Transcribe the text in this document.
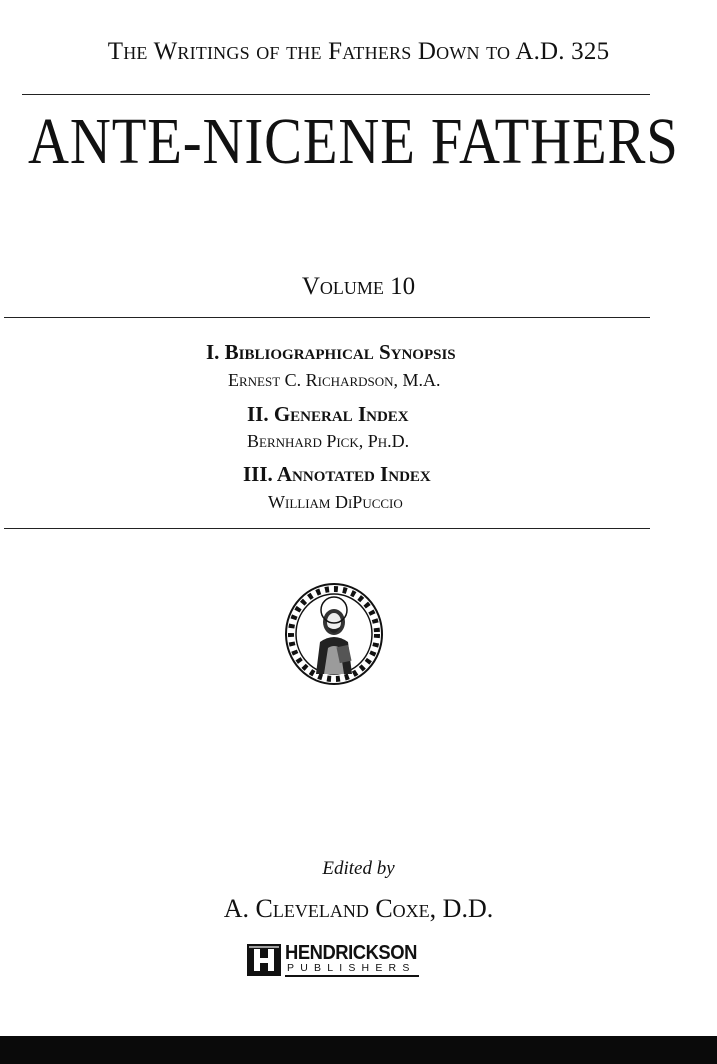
The Writings of the Fathers Down to A.D. 325
ANTE-NICENE FATHERS
Volume 10
I. Bibliographical Synopsis
Ernest C. Richardson, M.A.
II. General Index
Bernhard Pick, Ph.D.
III. Annotated Index
William DiPuccio
Edited by
A. Cleveland Coxe, D.D.
HENDRICKSON
PUBLISHERS
